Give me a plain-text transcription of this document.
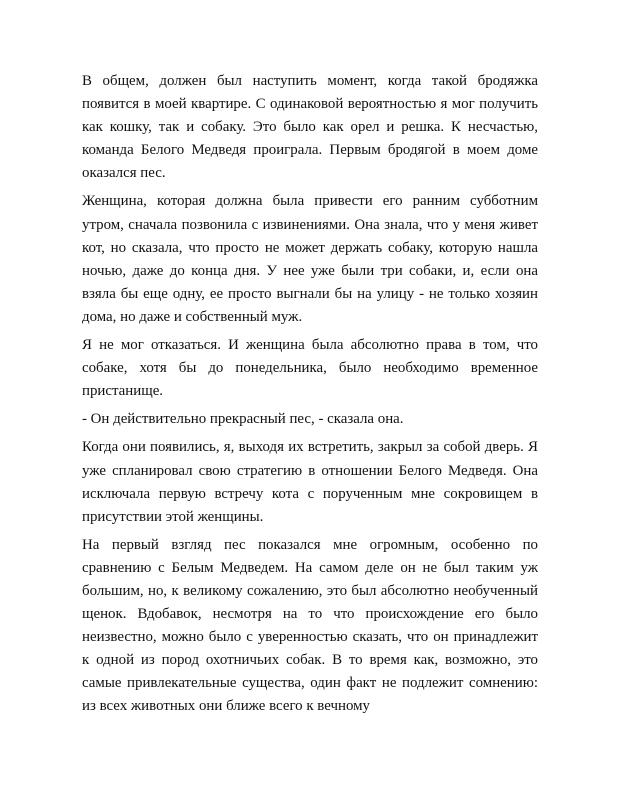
В общем, должен был наступить момент, когда такой бродяжка появится в моей квартире. С одинаковой вероятностью я мог получить как кошку, так и собаку. Это было как орел и решка. К несчастью, команда Белого Медведя проиграла. Первым бродягой в моем доме оказался пес.

Женщина, которая должна была привести его ранним субботним утром, сначала позвонила с извинениями. Она знала, что у меня живет кот, но сказала, что просто не может держать собаку, которую нашла ночью, даже до конца дня. У нее уже были три собаки, и, если она взяла бы еще одну, ее просто выгнали бы на улицу - не только хозяин дома, но даже и собственный муж.

Я не мог отказаться. И женщина была абсолютно права в том, что собаке, хотя бы до понедельника, было необходимо временное пристанище.

- Он действительно прекрасный пес, - сказала она.

Когда они появились, я, выходя их встретить, закрыл за собой дверь. Я уже спланировал свою стратегию в отношении Белого Медведя. Она исключала первую встречу кота с порученным мне сокровищем в присутствии этой женщины.

На первый взгляд пес показался мне огромным, особенно по сравнению с Белым Медведем. На самом деле он не был таким уж большим, но, к великому сожалению, это был абсолютно необученный щенок. Вдобавок, несмотря на то что происхождение его было неизвестно, можно было с уверенностью сказать, что он принадлежит к одной из пород охотничьих собак. В то время как, возможно, это самые привлекательные существа, один факт не подлежит сомнению: из всех животных они ближе всего к вечному
